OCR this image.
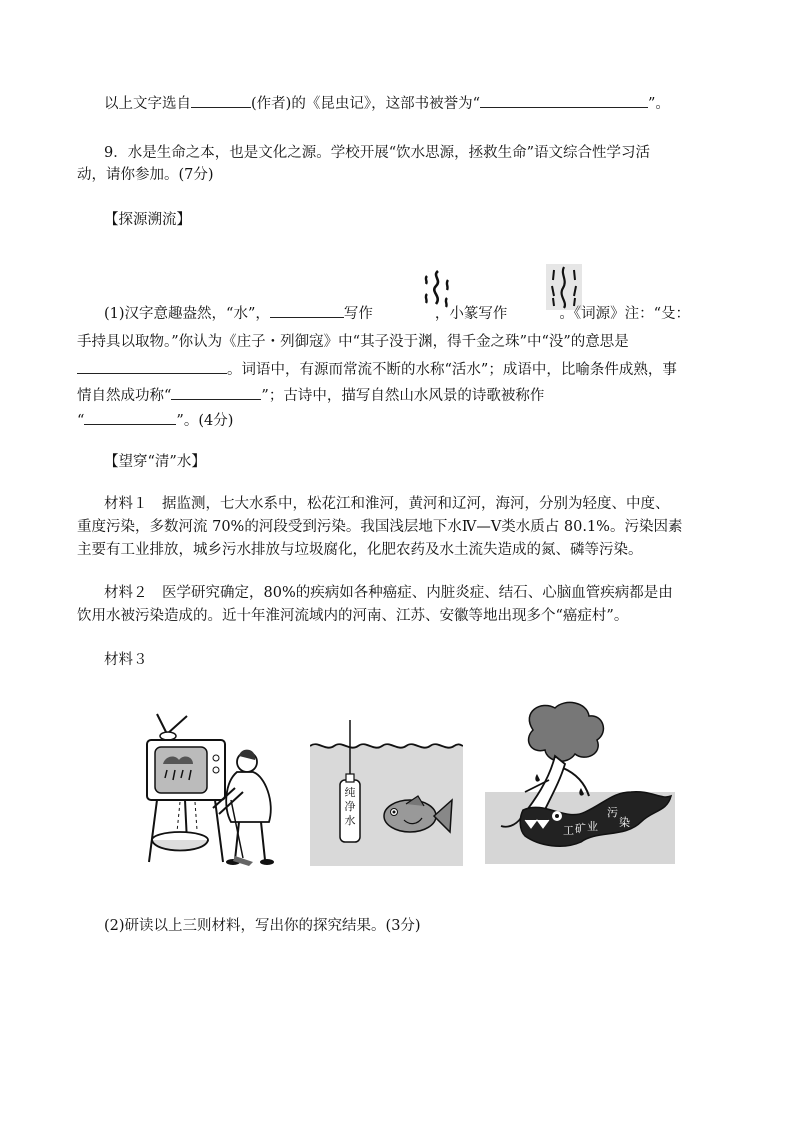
以上文字选自	(作者)的《昆虫记》，这部书被誉为“	”。
9．水是生命之本，也是文化之源。学校开展“饮水思源，拯救生命”语文综合性学习活
动，请你参加。(7分)
【探源溯流】
(1)汉字意趣盎然，“水”，	写作	，小篆写作	。《词源》注：“殳：
手持具以取物。”你认为《庄子・列御寇》中“其子没于渊，得千金之珠”中“没”的意思是
。词语中，有源而常流不断的水称“活水”；成语中，比喻条件成熟，事
情自然成功称“	”；古诗中，描写自然山水风景的诗歌被称作
“	”。(4分)
【望穿“清”水】
材料１　据监测，七大水系中，松花江和淮河，黄河和辽河，海河，分别为轻度、中度、
重度污染，多数河流 70%的河段受到污染。我国浅层地下水Ⅳ—Ⅴ类水质占 80.1%。污染因素
主要有工业排放，城乡污水排放与垃圾腐化，化肥农药及水土流失造成的氮、磷等污染。
材料２　医学研究确定，80%的疾病如各种癌症、内脏炎症、结石、心脑血管疾病都是由
饮用水被污染造成的。近十年淮河流域内的河南、江苏、安徽等地出现多个“癌症村”。
材料３
纯净水
工 矿 业
污
染
(2)研读以上三则材料，写出你的探究结果。(3分)
